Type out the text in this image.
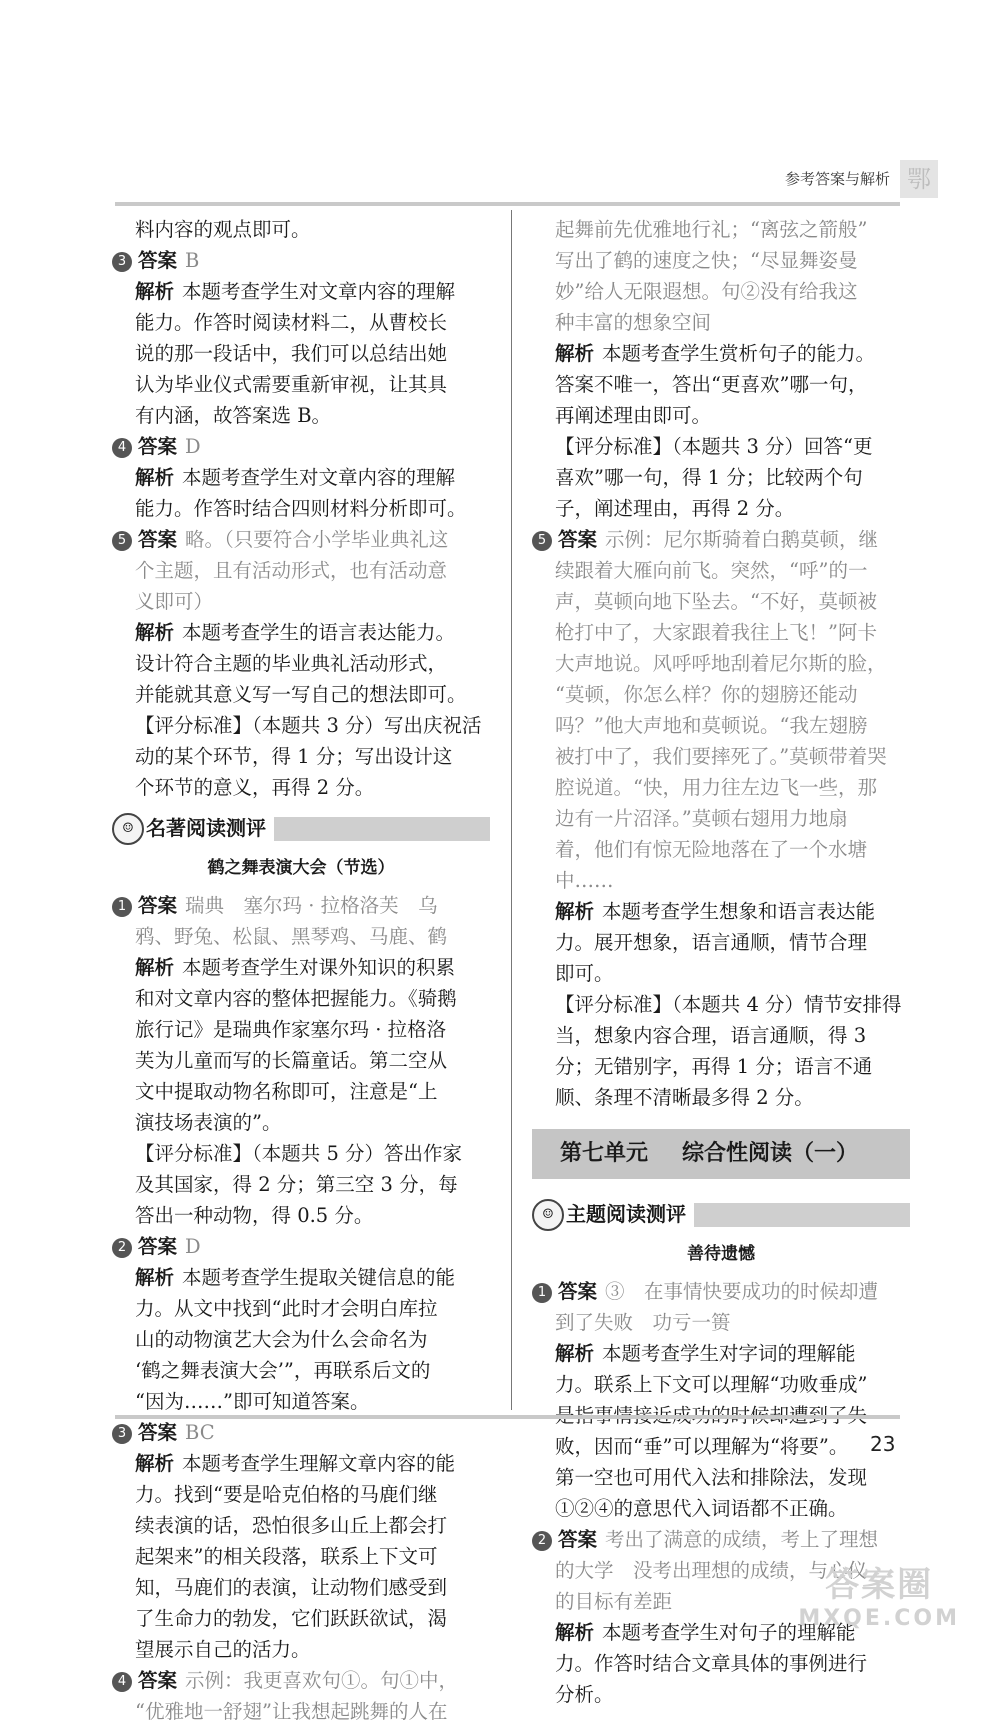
参考答案与解析 鄂
料内容的观点即可。
3 答案 B
解析 本题考查学生对文章内容的理解
能力。作答时阅读材料二，从曹校长
说的那一段话中，我们可以总结出她
认为毕业仪式需要重新审视，让其具
有内涵，故答案选 B。
4 答案 D
解析 本题考查学生对文章内容的理解
能力。作答时结合四则材料分析即可。
5 答案 略。（只要符合小学毕业典礼这
个主题，且有活动形式，也有活动意
义即可）
解析 本题考查学生的语言表达能力。
设计符合主题的毕业典礼活动形式，
并能就其意义写一写自己的想法即可。
【评分标准】（本题共 3 分）写出庆祝活
动的某个环节，得 1 分；写出设计这
个环节的意义，再得 2 分。
☺ 名著阅读测评
鹤之舞表演大会（节选）
1 答案 瑞典　塞尔玛 · 拉格洛芙　乌
鸦、野兔、松鼠、黑琴鸡、马鹿、鹤
解析 本题考查学生对课外知识的积累
和对文章内容的整体把握能力。《骑鹅
旅行记》是瑞典作家塞尔玛 · 拉格洛
芙为儿童而写的长篇童话。第二空从
文中提取动物名称即可，注意是“上
演技场表演的”。
【评分标准】（本题共 5 分）答出作家
及其国家，得 2 分；第三空 3 分，每
答出一种动物，得 0.5 分。
2 答案 D
解析 本题考查学生提取关键信息的能
力。从文中找到“此时才会明白库拉
山的动物演艺大会为什么会命名为
‘鹤之舞表演大会’”，再联系后文的
“因为……”即可知道答案。
3 答案 BC
解析 本题考查学生理解文章内容的能
力。找到“要是哈克伯格的马鹿们继
续表演的话，恐怕很多山丘上都会打
起架来”的相关段落，联系上下文可
知，马鹿们的表演，让动物们感受到
了生命力的勃发，它们跃跃欲试，渴
望展示自己的活力。
4 答案 示例：我更喜欢句①。句①中，
“优雅地一舒翅”让我想起跳舞的人在
起舞前先优雅地行礼；“离弦之箭般”
写出了鹤的速度之快；“尽显舞姿曼
妙”给人无限遐想。句②没有给我这
种丰富的想象空间
解析 本题考查学生赏析句子的能力。
答案不唯一，答出“更喜欢”哪一句，
再阐述理由即可。
【评分标准】（本题共 3 分）回答“更
喜欢”哪一句，得 1 分；比较两个句
子，阐述理由，再得 2 分。
5 答案 示例：尼尔斯骑着白鹅莫顿，继
续跟着大雁向前飞。突然，“呼”的一
声，莫顿向地下坠去。“不好，莫顿被
枪打中了，大家跟着我往上飞！”阿卡
大声地说。风呼呼地刮着尼尔斯的脸，
“莫顿，你怎么样？你的翅膀还能动
吗？”他大声地和莫顿说。“我左翅膀
被打中了，我们要摔死了。”莫顿带着哭
腔说道。“快，用力往左边飞一些，那
边有一片沼泽。”莫顿右翅用力地扇
着，他们有惊无险地落在了一个水塘
中……
解析 本题考查学生想象和语言表达能
力。展开想象，语言通顺，情节合理
即可。
【评分标准】（本题共 4 分）情节安排得
当，想象内容合理，语言通顺，得 3
分；无错别字，再得 1 分；语言不通
顺、条理不清晰最多得 2 分。
第七单元 综合性阅读（一）
☺ 主题阅读测评
善待遗憾
1 答案 ③　在事情快要成功的时候却遭
到了失败　功亏一篑
解析 本题考查学生对字词的理解能
力。联系上下文可以理解“功败垂成”
败，因而“垂”可以理解为“将要”。
第一空也可用代入法和排除法，发现
①②④的意思代入词语都不正确。
2 答案 考出了满意的成绩，考上了理想
的大学　没考出理想的成绩，与心仪
的目标有差距
解析 本题考查学生对句子的理解能
力。作答时结合文章具体的事例进行
分析。
23
答案圈
MXQE.COM
